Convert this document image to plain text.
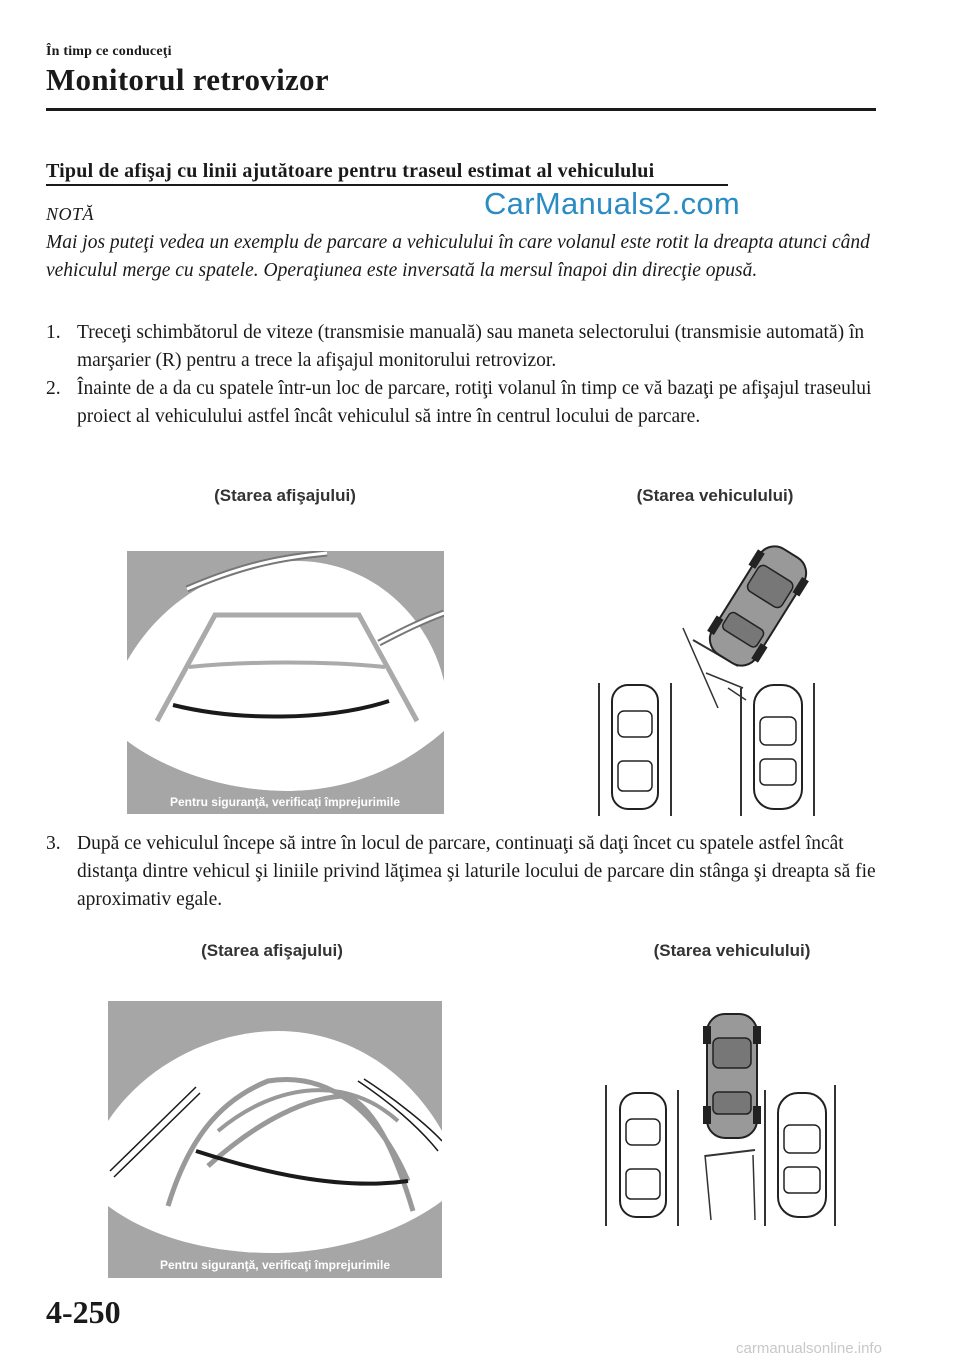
În timp ce conduceţi
Monitorul retrovizor
Tipul de afişaj cu linii ajutătoare pentru traseul estimat al vehiculului
CarManuals2.com
NOTĂ
Mai jos puteţi vedea un exemplu de parcare a vehiculului în care volanul este rotit la dreapta atunci când vehiculul merge cu spatele. Operaţiunea este inversată la mersul înapoi din direcţie opusă.
1. Treceţi schimbătorul de viteze (transmisie manuală) sau maneta selectorului (transmisie automată) în marşarier (R) pentru a trece la afişajul monitorului retrovizor.
2. Înainte de a da cu spatele într-un loc de parcare, rotiţi volanul în timp ce vă bazaţi pe afişajul traseului proiect al vehiculului astfel încât vehiculul să intre în centrul locului de parcare.
(Starea afişajului)	(Starea vehiculului)
Pentru siguranţă, verificaţi împrejurimile
3. După ce vehiculul începe să intre în locul de parcare, continuaţi să daţi încet cu spatele astfel încât distanţa dintre vehicul şi liniile privind lăţimea şi laturile locului de parcare din stânga şi dreapta să fie aproximativ egale.
(Starea afişajului)	(Starea vehiculului)
Pentru siguranţă, verificaţi împrejurimile
4-250
carmanualsonline.info
